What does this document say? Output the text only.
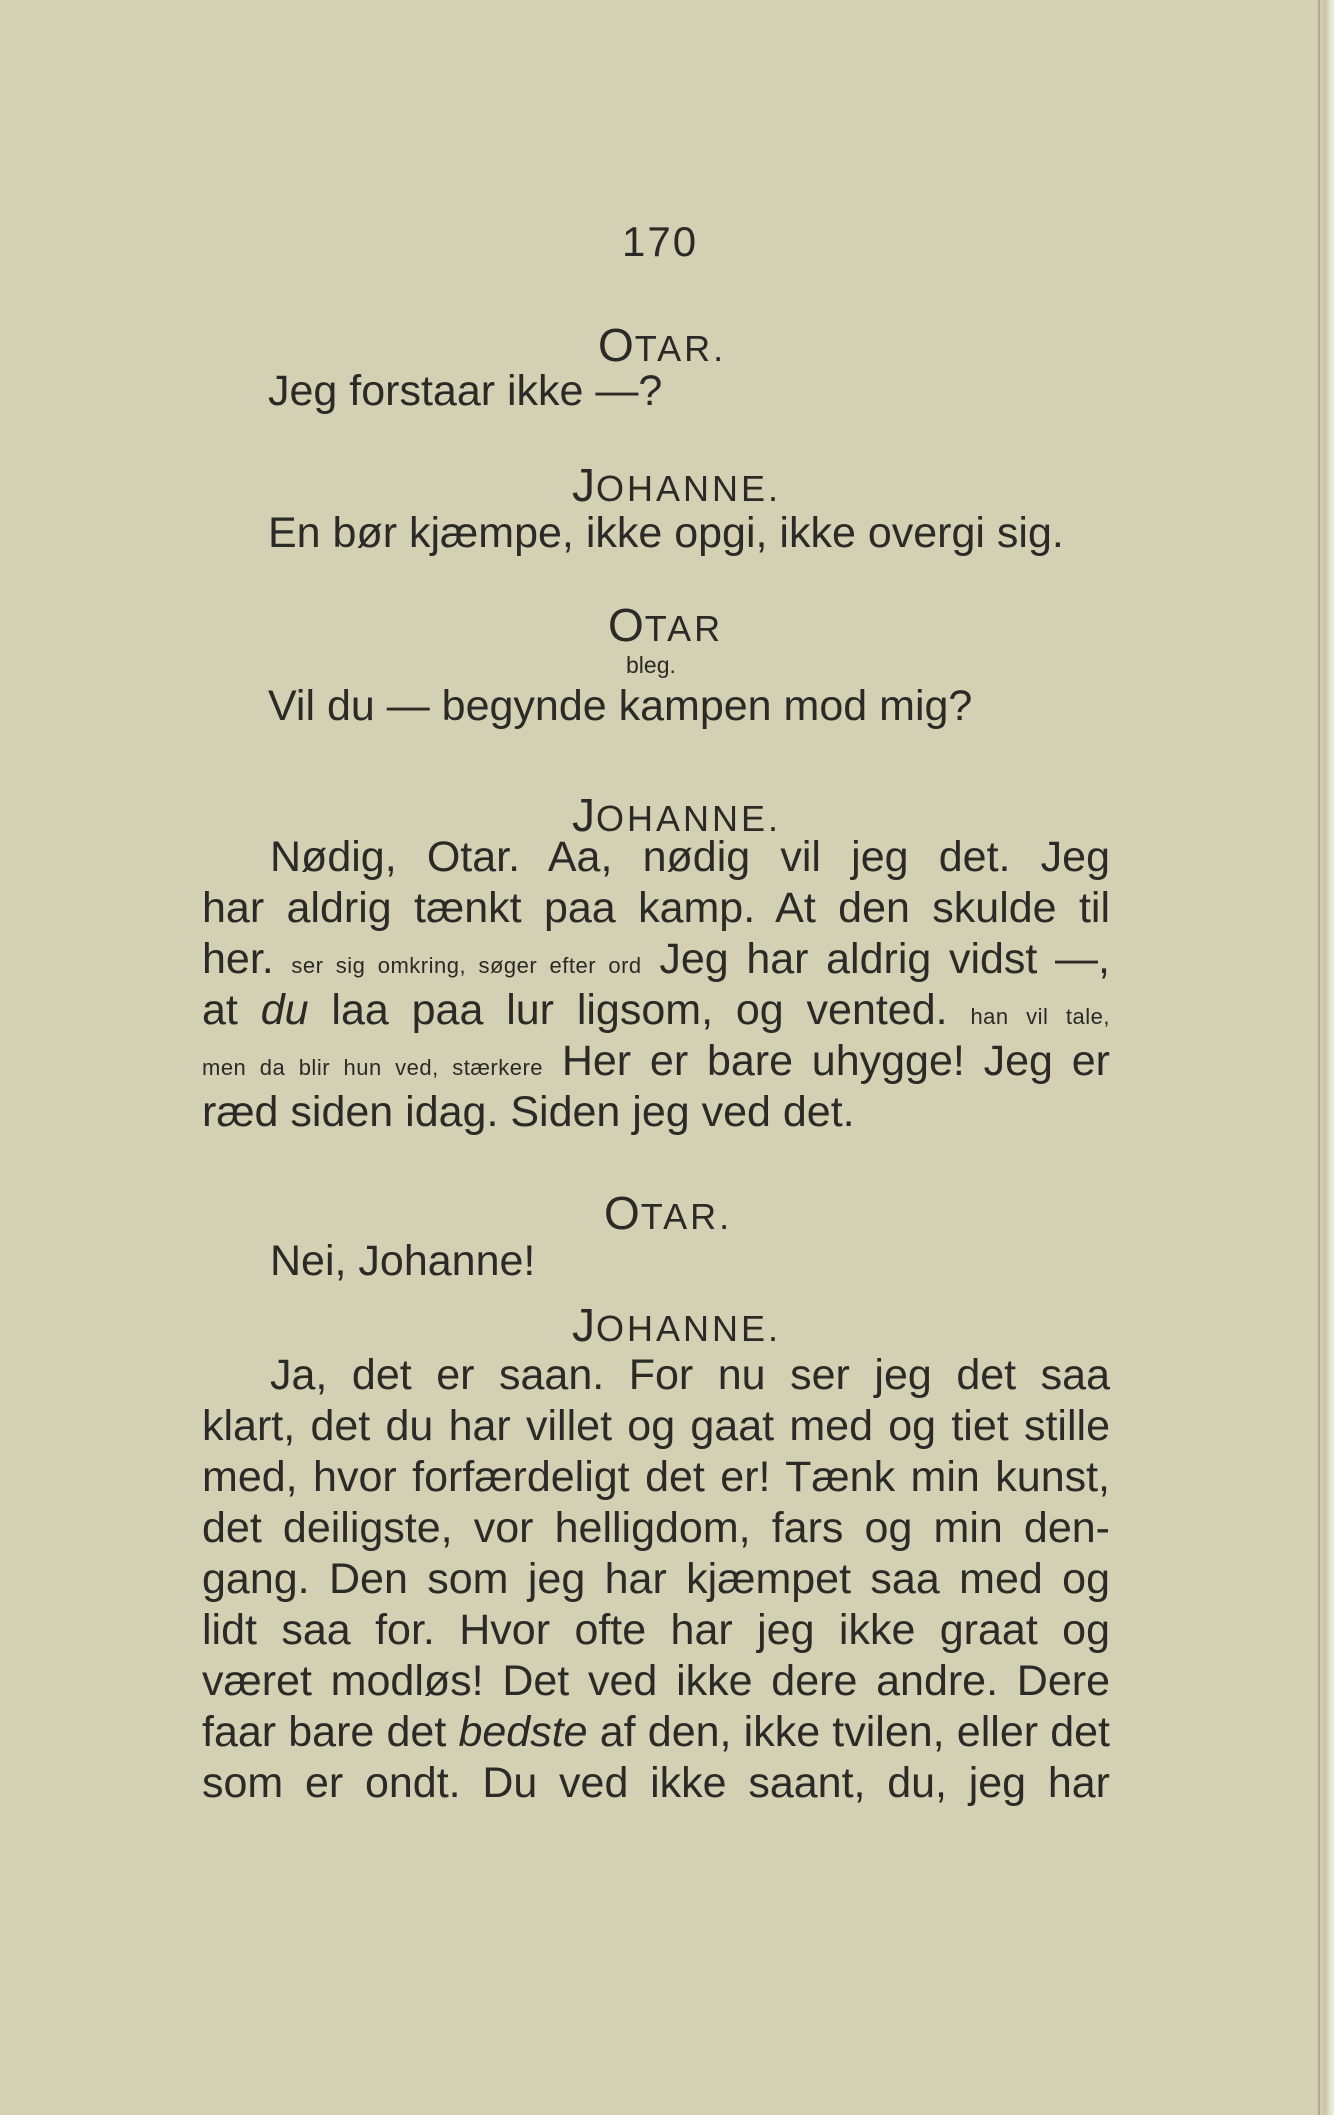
170
OTAR.
Jeg forstaar ikke —?
JOHANNE.
En bør kjæmpe, ikke opgi, ikke overgi sig.
OTAR
bleg.
Vil du — begynde kampen mod mig?
JOHANNE.
Nødig, Otar. Aa, nødig vil jeg det. Jeg
har aldrig tænkt paa kamp. At den skulde til
her. ser sig omkring, søger efter ord Jeg har aldrig vidst —,
at du laa paa lur ligsom, og vented. han vil tale,
men da blir hun ved, stærkere Her er bare uhygge! Jeg er
ræd siden idag. Siden jeg ved det.
OTAR.
Nei, Johanne!
JOHANNE.
Ja, det er saan. For nu ser jeg det saa
klart, det du har villet og gaat med og tiet stille
med, hvor forfærdeligt det er! Tænk min kunst,
det deiligste, vor helligdom, fars og min den-
gang. Den som jeg har kjæmpet saa med og
lidt saa for. Hvor ofte har jeg ikke graat og
været modløs! Det ved ikke dere andre. Dere
faar bare det bedste af den, ikke tvilen, eller det
som er ondt. Du ved ikke saant, du, jeg har
